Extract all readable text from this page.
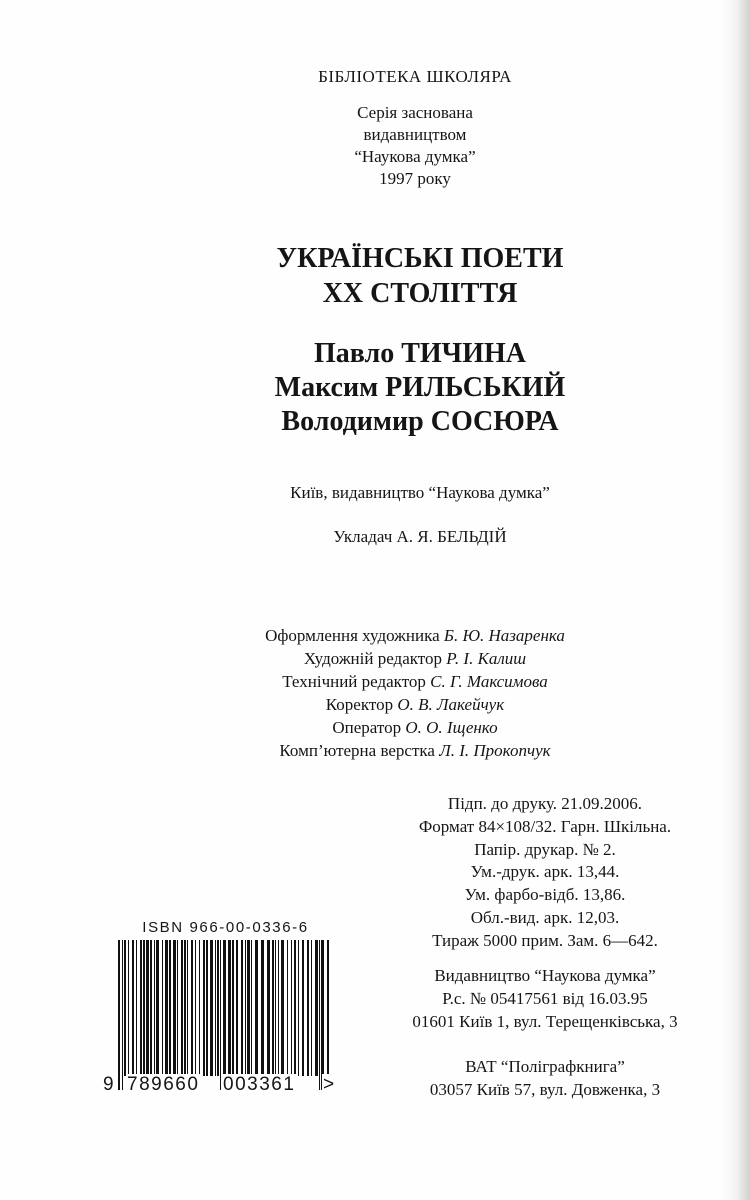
БІБЛІОТЕКА ШКОЛЯРА
Серія заснована
видавництвом
“Наукова думка”
1997 року
УКРАЇНСЬКІ ПОЕТИ
XX СТОЛІТТЯ
Павло ТИЧИНА
Максим РИЛЬСЬКИЙ
Володимир СОСЮРА
Київ, видавництво “Наукова думка”
Укладач А. Я. БЕЛЬДІЙ
Оформлення художника Б. Ю. Назаренка
Художній редактор Р. І. Калиш
Технічний редактор С. Г. Максимова
Коректор О. В. Лакейчук
Оператор О. О. Іщенко
Комп’ютерна верстка Л. І. Прокопчук
Підп. до друку. 21.09.2006.
Формат 84×108/32. Гарн. Шкільна.
Папір. друкар. № 2.
Ум.-друк. арк. 13,44.
Ум. фарбо-відб. 13,86.
Обл.-вид. арк. 12,03.
Тираж 5000 прим. Зам. 6—642.
Видавництво “Наукова думка”
Р.с. № 05417561 від 16.03.95
01601 Київ 1, вул. Терещенківська, 3
ВАТ “Поліграфкнига”
03057 Київ 57, вул. Довженка, 3
ISBN 966-00-0336-6
9 789660 003361 >
